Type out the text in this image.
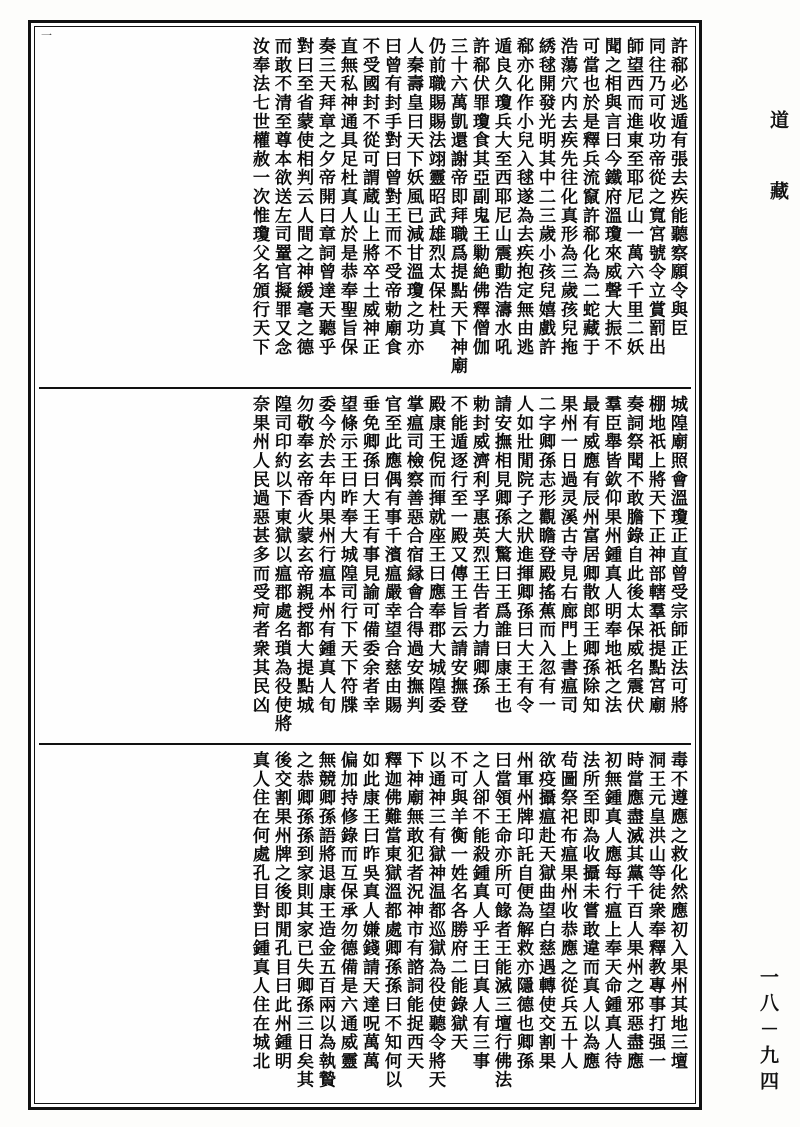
一
許郗必逃遁有張去疾能聽察願令與臣
同往乃可收功帝從之寬宮號令立賞罰出
師望西而進東至耶尼山一萬六千里二妖
聞之相與言曰今鐵府溫瓊來威聲大振不
可當也於是釋兵流竄許郗化為二蛇藏于
浩蕩穴内去疾先往化真形為三歲孩兒拖
綉毬開發光明其中二三歲小孩兒嬉戲許
郗亦化作小兒入毬遂為去疾抱定無由逃
遁良久瓊兵大至西耶尼山震動浩濤水吼
許郗伏罪瓊食其亞副鬼王勦絶佛釋僧伽
三十六萬凱還謝帝即拜職爲提點天下神廟
仍前職賜賜法翊靈昭武雄烈太保杜真
人秦壽皇曰天下妖風已減甘溫瓊之功亦
曰曾有封手對曰曾對王而不受帝勅廟食
不受國封不從可謂蔵山上將卒土威神正
直無私神通具足杜真人於是恭奉聖旨保
奏三天拜章之夕帝開曰章詞曾達天聽乎
對曰至省蒙使相判云人間之神緩毫之德
而敢不清至尊本欲送左司罿官擬罪又念
汝奉法七世權赦一次惟瓊父名頒行天下
城隍廟照會溫瓊正直曾受宗師正法可將
棚地祇上將天下正神部轄羣祇提點宮廟
奏詞祭聞不敢膽錄自此後太保威名震伏
羣臣舉皆欽仰果州鍾真人明奉地祇之法
最有威應有辰州富居卿散郎王卿孫除知
果州一日過灵溪古寺見右廊門上書瘟司
二字卿孫志形觀瞻登殿搖蕉而入忽有一
人如壯閒院子之狀進揮卿孫曰大王有令
請安撫相見卿孫大驚曰王爲誰曰康王也
勅封威濟利孚惠英烈王告者力請卿孫
不能遁逐行至一殿又傳王旨云請安撫登
殿康王倪而揮就座王曰應奉郡大城隍委
掌瘟司檢察善惡合宿縁會合得過安撫判
官至此應偶有事千濱瘟嚴幸望合慈由賜
垂免卿孫曰大王有事見諭可備委余者幸
望條示王曰昨奉大城隍司行下天下符牒
委今於去年内果州行瘟本州有鍾真人旬
勿敬奉玄帝香火蒙玄帝親授都大提點城
隍司印約以下東獄以瘟郡處名瑣為役使將
奈果州人民過惡甚多而受疴者衆其民凶
毒不遵應之救化然應初入果州其地三壇
洞王元皇洪山等徒衆奉釋教專事打强一
時當應盡滅其黨千百人果州之邪惡盡應
初無鍾真人應每行瘟上奉天命鍾真人待
法所至即為收攝未嘗敢違而真人以為應
茍圖祭祀布瘟果州收恭應之從兵五十人
欲疫攝瘟赴天獄曲望白慈遇轉使交割果
州軍州牌印託自便為解救亦隱德也卿孫
曰當領王命亦所可餯者王能滅三壇行佛法
之人卻不能殺鍾真人乎王曰真人有三事
不可與羊衡一姓名各勝府二能錄獄天
以通神三有獄神温都巡獄為役使聽令將天
下神廟無敢犯者況神市有諮詞能捉西天
釋迦佛難當東獄溫都處卿孫孫曰不知何以
如此康王曰昨吳真人嫌錢請天達呪萬萬
偏加持修錄而互保承勿德備是六通威靈
無競卿孫語將退康王造金五百兩以為執贄
之恭卿孫孫到家則其家已失卿孫三日矣其
後交割果州牌之後即閒孔目曰此州鍾明
真人住在何處孔目對曰鍾真人住在城北
道藏
一八－九四
